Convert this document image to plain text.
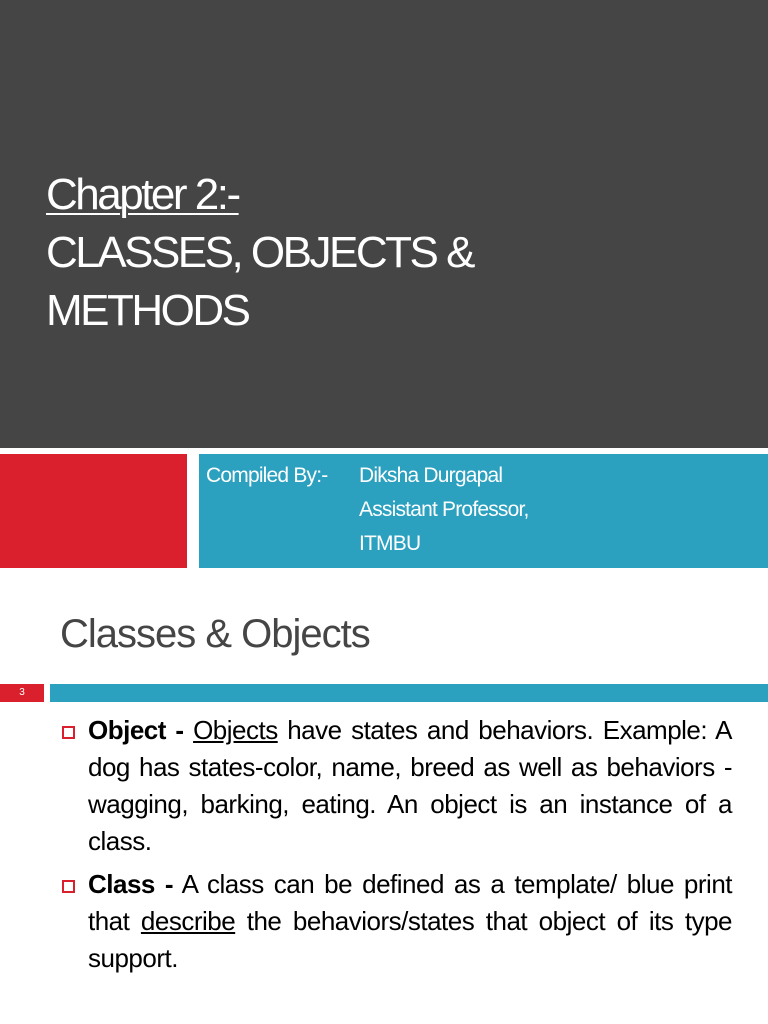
Chapter 2:-
CLASSES, OBJECTS &
METHODS
Compiled By:-	Diksha Durgapal
Assistant Professor,
ITMBU
Classes & Objects
3
Object - Objects have states and behaviors. Example: A dog has states-color, name, breed as well as behaviors -wagging, barking, eating. An object is an instance of a class.
Class - A class can be defined as a template/ blue print that describe the behaviors/states that object of its type support.
